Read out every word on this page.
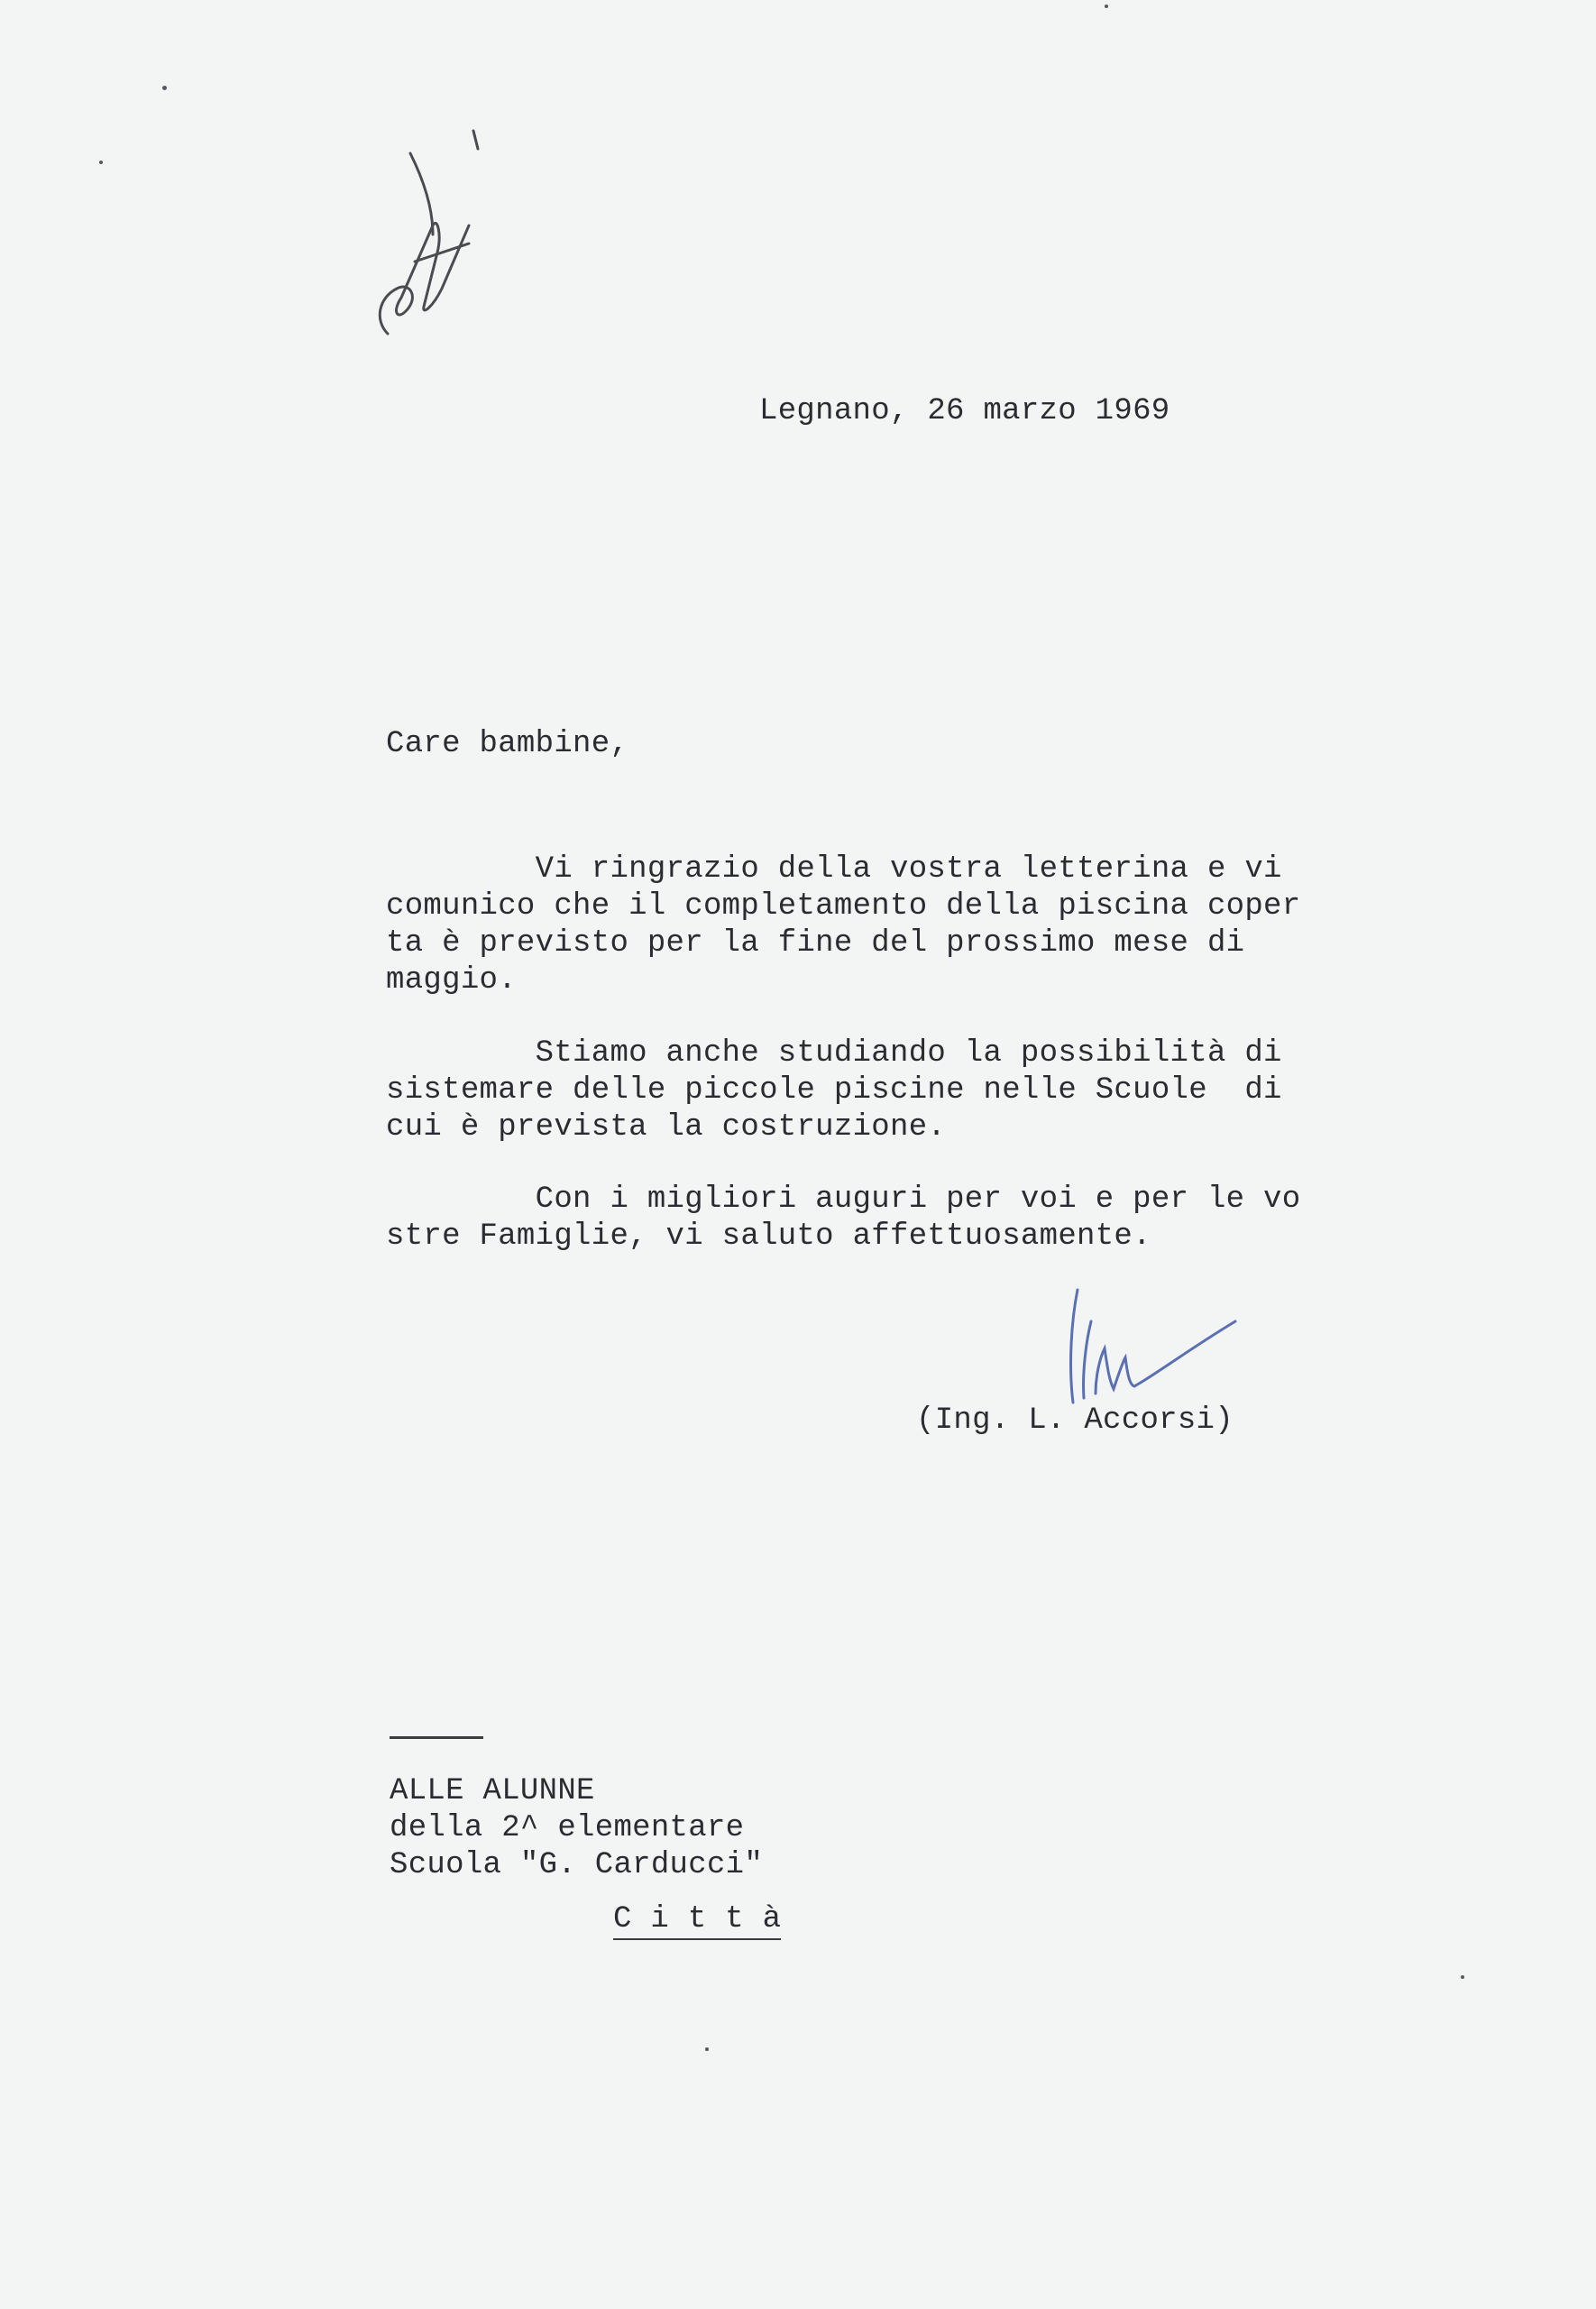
Legnano, 26 marzo 1969
Care bambine,
Vi ringrazio della vostra letterina e vi
comunico che il completamento della piscina coper
ta è previsto per la fine del prossimo mese di
maggio.
Stiamo anche studiando la possibilità di
sistemare delle piccole piscine nelle Scuole  di
cui è prevista la costruzione.
Con i migliori auguri per voi e per le vo
stre Famiglie, vi saluto affettuosamente.
(Ing. L. Accorsi)
ALLE ALUNNE
della 2^ elementare
Scuola "G. Carducci"
C i t t à
